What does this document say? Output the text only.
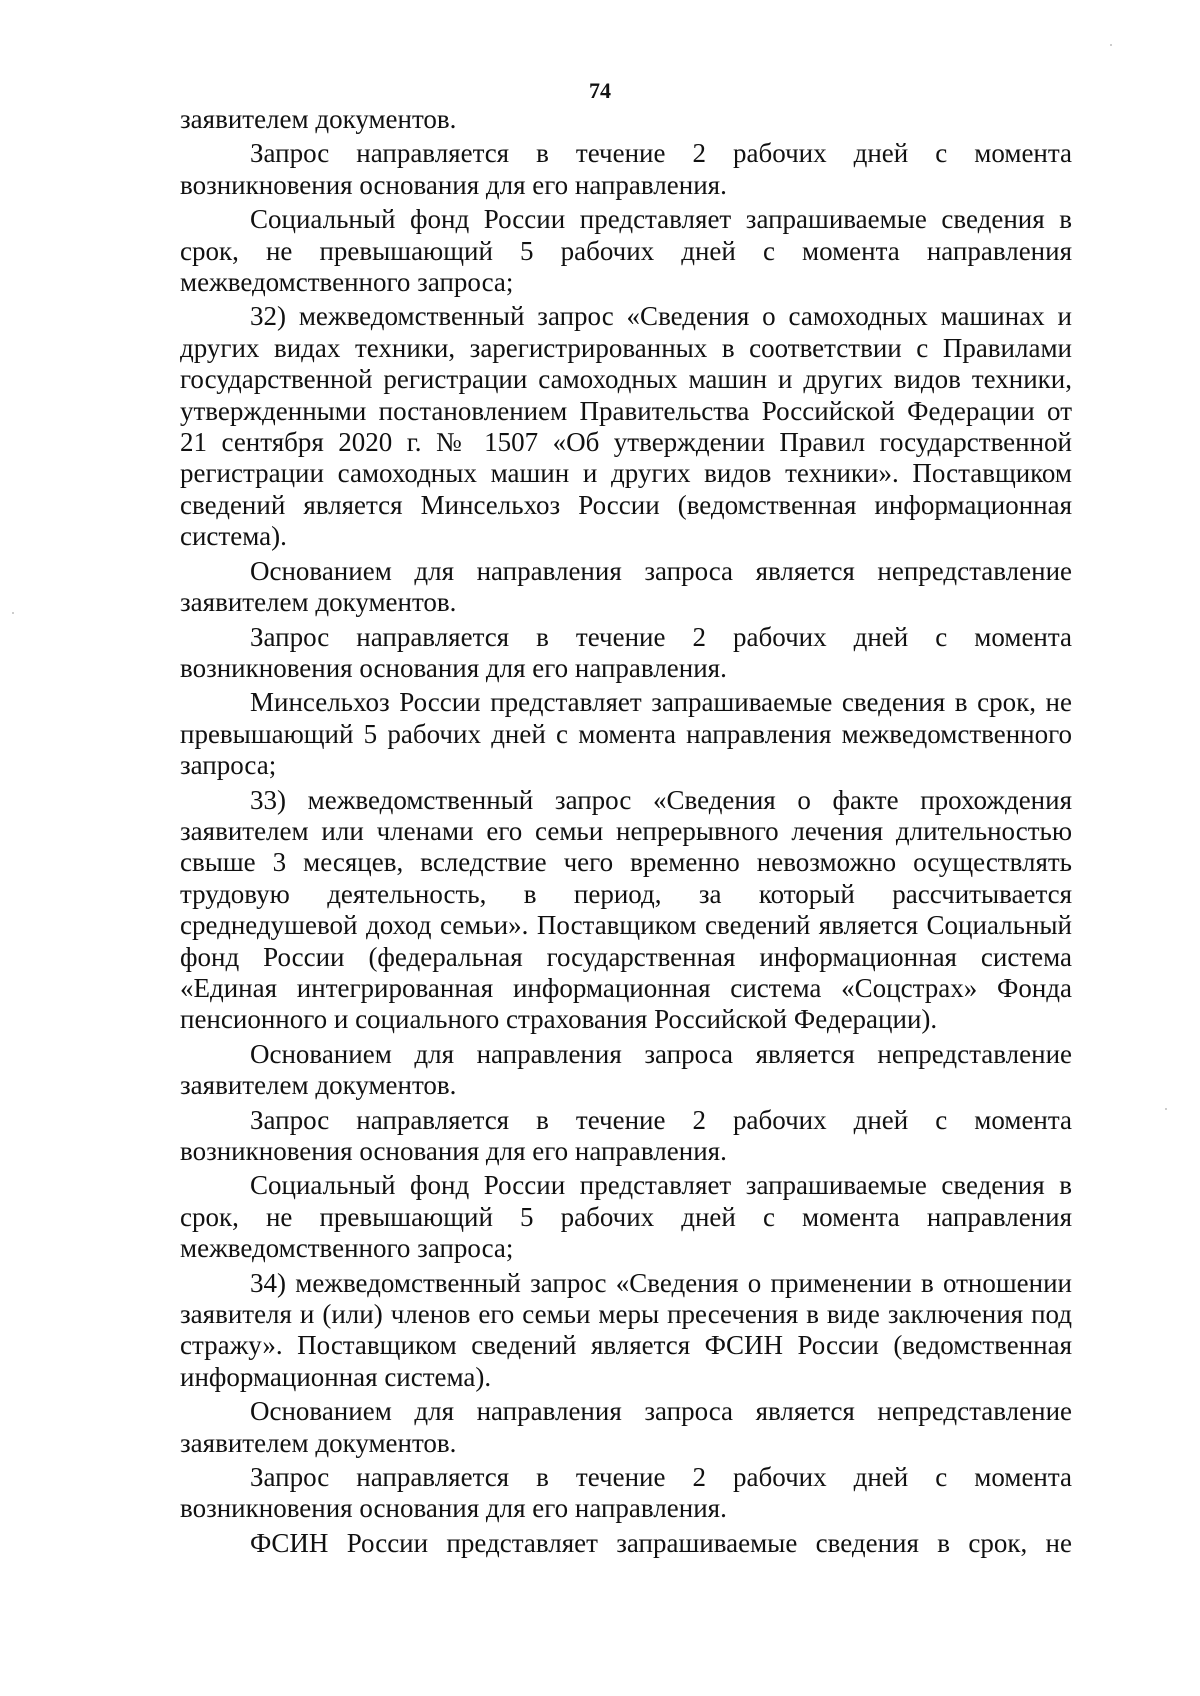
74

заявителем документов.

Запрос направляется в течение 2 рабочих дней с момента возникновения основания для его направления.

Социальный фонд России представляет запрашиваемые сведения в срок, не превышающий 5 рабочих дней с момента направления межведомственного запроса;

32) межведомственный запрос «Сведения о самоходных машинах и других видах техники, зарегистрированных в соответствии с Правилами государственной регистрации самоходных машин и других видов техники, утвержденными постановлением Правительства Российской Федерации от 21 сентября 2020 г. № 1507 «Об утверждении Правил государственной регистрации самоходных машин и других видов техники». Поставщиком сведений является Минсельхоз России (ведомственная информационная система).

Основанием для направления запроса является непредставление заявителем документов.

Запрос направляется в течение 2 рабочих дней с момента возникновения основания для его направления.

Минсельхоз России представляет запрашиваемые сведения в срок, не превышающий 5 рабочих дней с момента направления межведомственного запроса;

33) межведомственный запрос «Сведения о факте прохождения заявителем или членами его семьи непрерывного лечения длительностью свыше 3 месяцев, вследствие чего временно невозможно осуществлять трудовую деятельность, в период, за который рассчитывается среднедушевой доход семьи». Поставщиком сведений является Социальный фонд России (федеральная государственная информационная система «Единая интегрированная информационная система «Соцстрах» Фонда пенсионного и социального страхования Российской Федерации).

Основанием для направления запроса является непредставление заявителем документов.

Запрос направляется в течение 2 рабочих дней с момента возникновения основания для его направления.

Социальный фонд России представляет запрашиваемые сведения в срок, не превышающий 5 рабочих дней с момента направления межведомственного запроса;

34) межведомственный запрос «Сведения о применении в отношении заявителя и (или) членов его семьи меры пресечения в виде заключения под стражу». Поставщиком сведений является ФСИН России (ведомственная информационная система).

Основанием для направления запроса является непредставление заявителем документов.

Запрос направляется в течение 2 рабочих дней с момента возникновения основания для его направления.

ФСИН России представляет запрашиваемые сведения в срок, не
